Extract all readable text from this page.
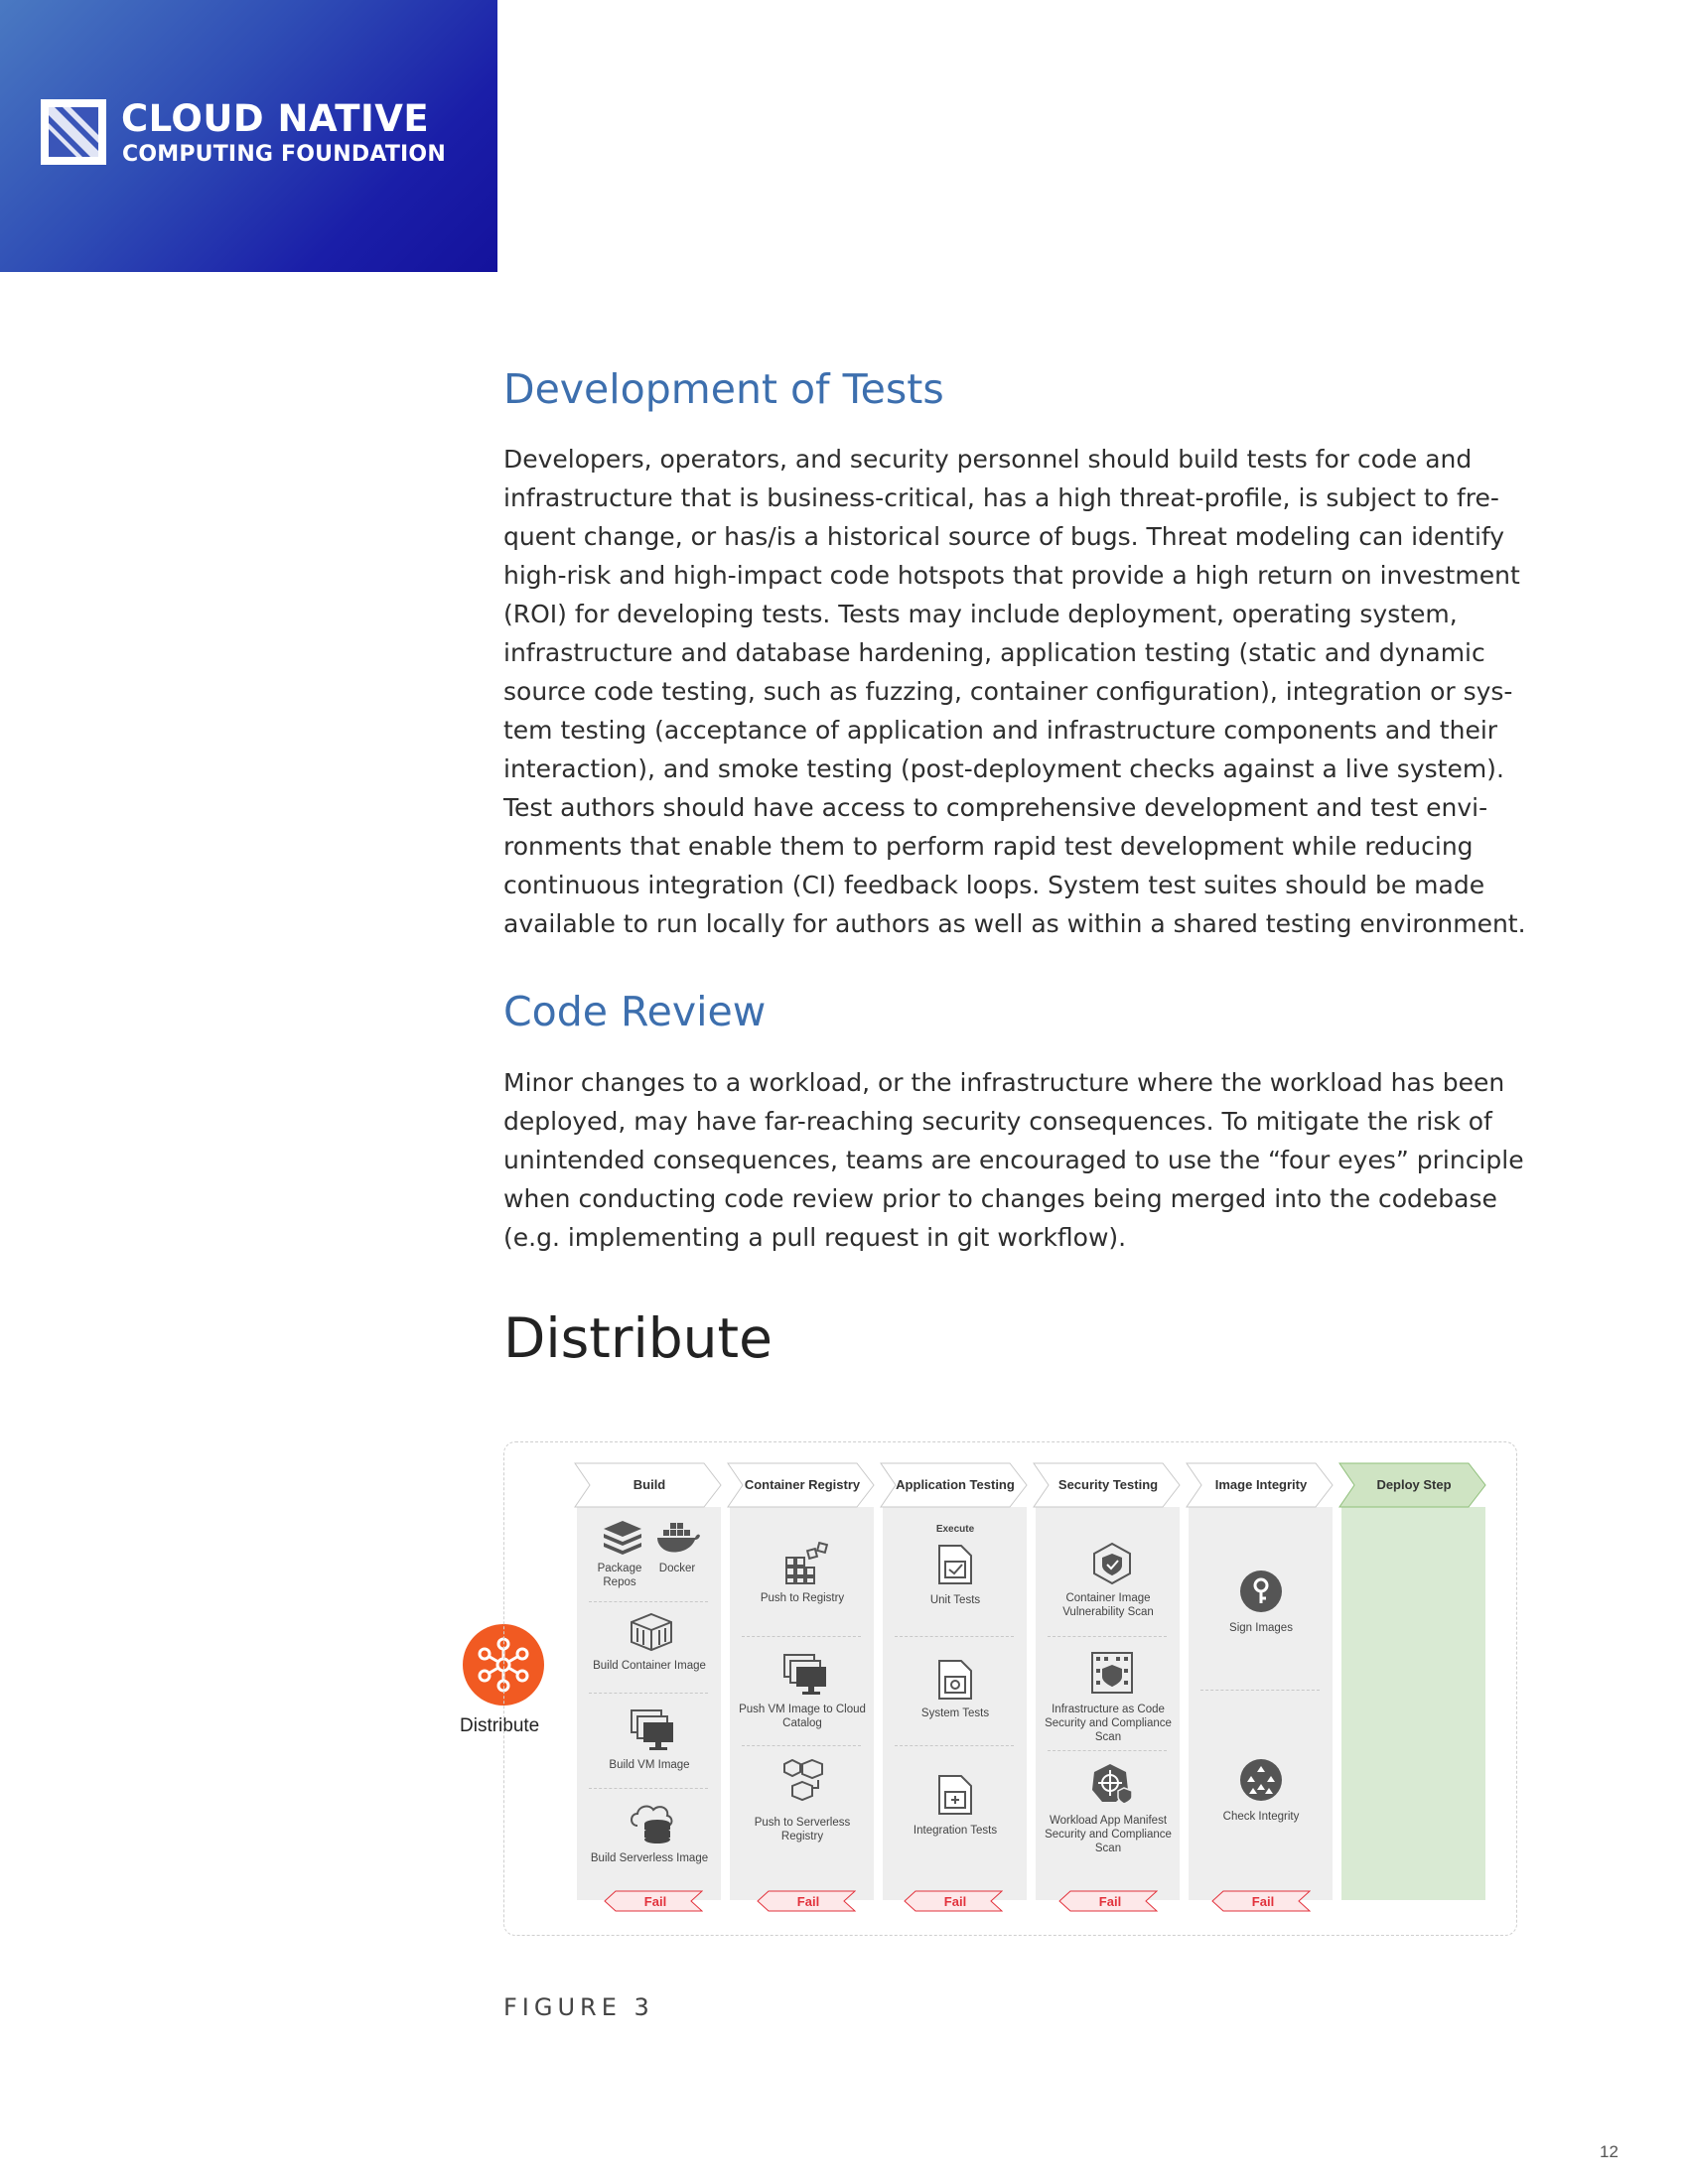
CLOUD NATIVE
COMPUTING FOUNDATION
Development of Tests
Developers, operators, and security personnel should build tests for code and
infrastructure that is business-critical, has a high threat-profile, is subject to fre-
quent change, or has/is a historical source of bugs. Threat modeling can identify
high-risk and high-impact code hotspots that provide a high return on investment
(ROI) for developing tests. Tests may include deployment, operating system,
infrastructure and database hardening, application testing (static and dynamic
source code testing, such as fuzzing, container configuration), integration or sys-
tem testing (acceptance of application and infrastructure components and their
interaction), and smoke testing (post-deployment checks against a live system).
Test authors should have access to comprehensive development and test envi-
ronments that enable them to perform rapid test development while reducing
continuous integration (CI) feedback loops. System test suites should be made
available to run locally for authors as well as within a shared testing environment.
Code Review
Minor changes to a workload, or the infrastructure where the workload has been
deployed, may have far-reaching security consequences. To mitigate the risk of
unintended consequences, teams are encouraged to use the “four eyes” principle
when conducting code review prior to changes being merged into the codebase
(e.g. implementing a pull request in git workflow).
Distribute
Distribute
Build	Container Registry	Application Testing	Security Testing	Image Integrity	Deploy Step
Package Repos
Docker
Build Container Image
Build VM Image
Build Serverless Image
Push to Registry
Push VM Image to Cloud Catalog
Push to Serverless Registry
Execute
Unit Tests
System Tests
Integration Tests
Container Image Vulnerability Scan
Infrastructure as Code Security and Compliance Scan
Workload App Manifest Security and Compliance Scan
Sign Images
Check Integrity
Fail	Fail	Fail	Fail	Fail
FIGURE 3
12
